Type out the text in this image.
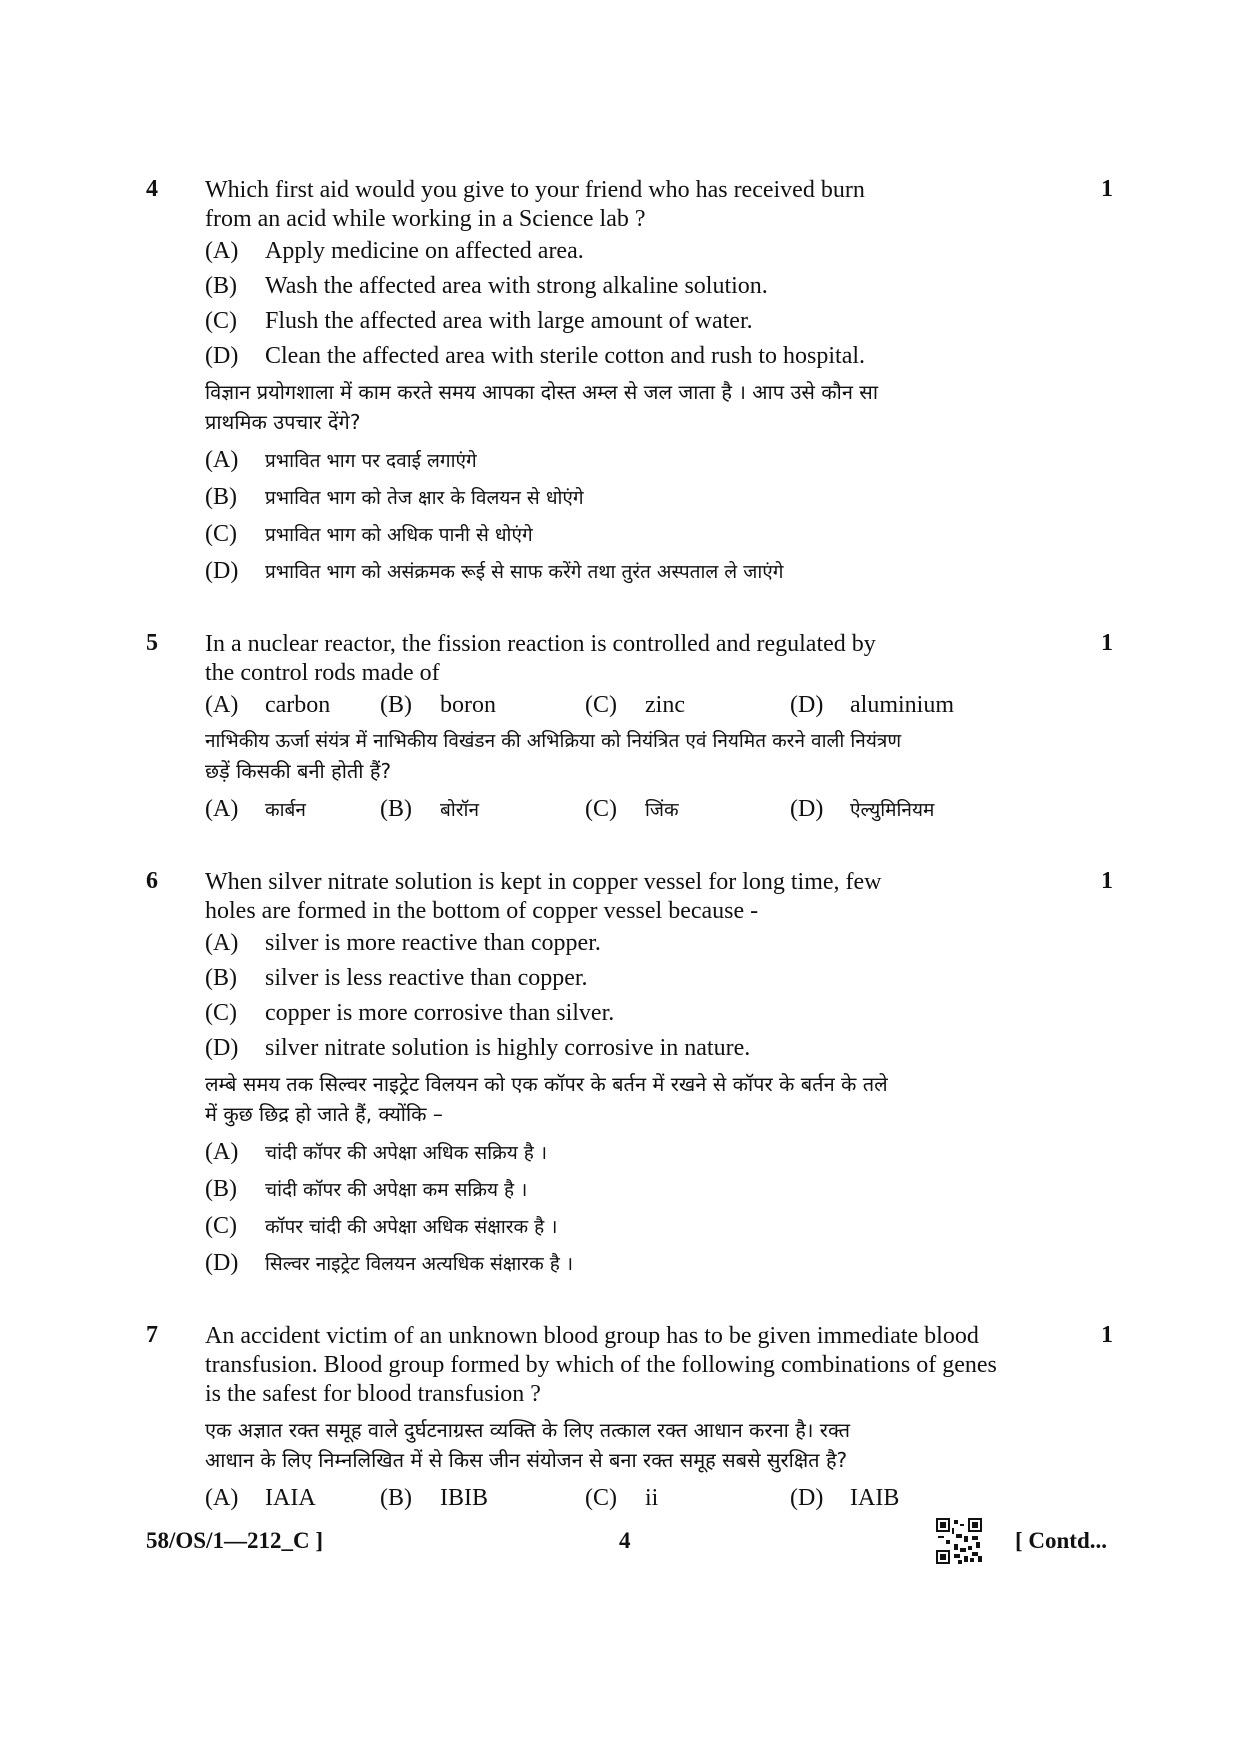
4	1
Which first aid would you give to your friend who has received burn
from an acid while working in a Science lab ?
(A) Apply medicine on affected area.
(B) Wash the affected area with strong alkaline solution.
(C) Flush the affected area with large amount of water.
(D) Clean the affected area with sterile cotton and rush to hospital.
विज्ञान प्रयोगशाला में काम करते समय आपका दोस्त अम्ल से जल जाता है । आप उसे कौन सा
प्राथमिक उपचार देंगे?
(A) प्रभावित भाग पर दवाई लगाएंगे
(B) प्रभावित भाग को तेज क्षार के विलयन से धोएंगे
(C) प्रभावित भाग को अधिक पानी से धोएंगे
(D) प्रभावित भाग को असंक्रमक रूई से साफ करेंगे तथा तुरंत अस्पताल ले जाएंगे
5	1
In a nuclear reactor, the fission reaction is controlled and regulated by
the control rods made of
(A) carbon (B) boron	(C) zinc	(D) aluminium
नाभिकीय ऊर्जा संयंत्र में नाभिकीय विखंडन की अभिक्रिया को नियंत्रित एवं नियमित करने वाली नियंत्रण
छड़ें किसकी बनी होती हैं?
(A) कार्बन	(B) बोरॉन	(C) जिंक	(D) ऐल्युमिनियम
6	1
When silver nitrate solution is kept in copper vessel for long time, few
holes are formed in the bottom of copper vessel because -
(A) silver is more reactive than copper.
(B) silver is less reactive than copper.
(C) copper is more corrosive than silver.
(D) silver nitrate solution is highly corrosive in nature.
लम्बे समय तक सिल्वर नाइट्रेट विलयन को एक कॉपर के बर्तन में रखने से कॉपर के बर्तन के तले
में कुछ छिद्र हो जाते हैं, क्योंकि –
(A) चांदी कॉपर की अपेक्षा अधिक सक्रिय है ।
(B) चांदी कॉपर की अपेक्षा कम सक्रिय है ।
(C) कॉपर चांदी की अपेक्षा अधिक संक्षारक है ।
(D) सिल्वर नाइट्रेट विलयन अत्यधिक संक्षारक है ।
7	1
An accident victim of an unknown blood group has to be given immediate blood
transfusion. Blood group formed by which of the following combinations of genes
is the safest for blood transfusion ?
एक अज्ञात रक्त समूह वाले दुर्घटनाग्रस्त व्यक्ति के लिए तत्काल रक्त आधान करना है। रक्त
आधान के लिए निम्नलिखित में से किस जीन संयोजन से बना रक्त समूह सबसे सुरक्षित है?
(A) IAIA	(B) IBIB	(C) ii	(D) IAIB
58/OS/1—212_C ]	4	[ Contd...
